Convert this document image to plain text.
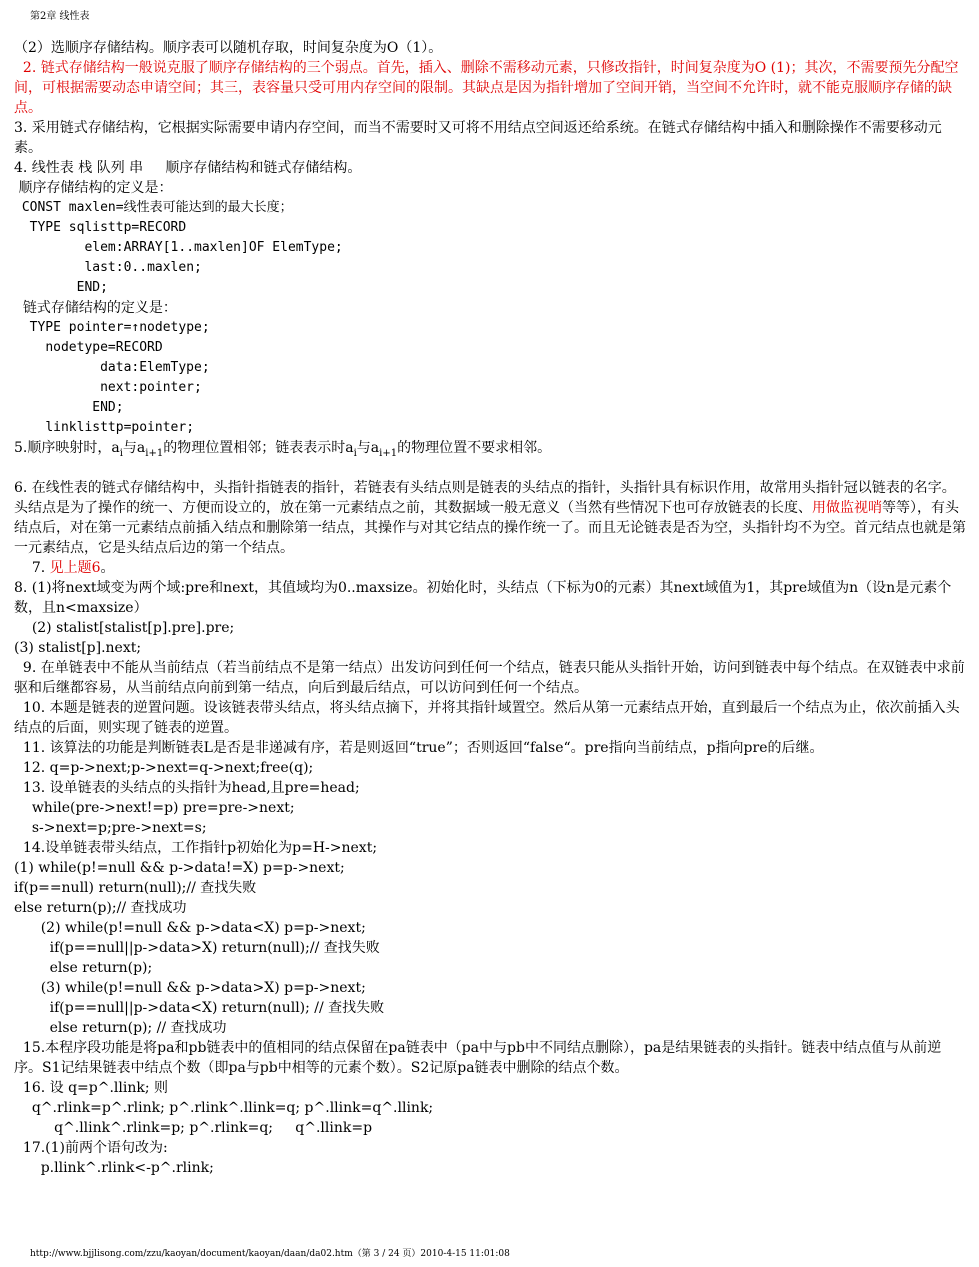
第2章 线性表

（2）选顺序存储结构。顺序表可以随机存取，时间复杂度为O（1）。

2. 链式存储结构一般说克服了顺序存储结构的三个弱点。首先，插入、删除不需移动元素，只修改指针，时间复杂度为O (1)；其次，不需要预先分配空间，可根据需要动态申请空间；其三，表容量只受可用内存空间的限制。其缺点是因为指针增加了空间开销，当空间不允许时，就不能克服顺序存储的缺点。

3. 采用链式存储结构，它根据实际需要申请内存空间，而当不需要时又可将不用结点空间返还给系统。在链式存储结构中插入和删除操作不需要移动元素。

4. 线性表 栈 队列 串     顺序存储结构和链式存储结构。

顺序存储结构的定义是：

CONST maxlen=线性表可能达到的最大长度；

TYPE sqlisttp=RECORD

elem:ARRAY[1..maxlen]OF ElemType;

last:0..maxlen;

END;

链式存储结构的定义是：

TYPE pointer=↑nodetype;

nodetype=RECORD

data:ElemType;

next:pointer;

END;

linklisttp=pointer;

5.顺序映射时，$a_i$与$a_{i+1}$的物理位置相邻；链表表示时$a_i$与$a_{i+1}$的物理位置不要求相邻。

6. 在线性表的链式存储结构中，头指针指链表的指针，若链表有头结点则是链表的头结点的指针，头指针具有标识作用，故常用头指针冠以链表的名字。头结点是为了操作的统一、方便而设立的，放在第一元素结点之前，其数据域一般无意义（当然有些情况下也可存放链表的长度、用做监视哨等等），有头结点后，对在第一元素结点前插入结点和删除第一结点，其操作与对其它结点的操作统一了。而且无论链表是否为空，头指针均不为空。首元结点也就是第一元素结点，它是头结点后边的第一个结点。

7. 见上题6。

8. (1)将next域变为两个域:pre和next，其值域均为0..maxsize。初始化时，头结点（下标为0的元素）其next域值为1，其pre域值为n（设n是元素个数，且n<maxsize）

(2) stalist[stalist[p].pre].pre;

(3) stalist[p].next;

9. 在单链表中不能从当前结点（若当前结点不是第一结点）出发访问到任何一个结点，链表只能从头指针开始，访问到链表中每个结点。在双链表中求前驱和后继都容易，从当前结点向前到第一结点，向后到最后结点，可以访问到任何一个结点。

10. 本题是链表的逆置问题。设该链表带头结点，将头结点摘下，并将其指针域置空。然后从第一元素结点开始，直到最后一个结点为止，依次前插入头结点的后面，则实现了链表的逆置。

11. 该算法的功能是判断链表L是否是非递减有序，若是则返回“true”；否则返回“false“。pre指向当前结点，p指向pre的后继。

12. q=p->next;p->next=q->next;free(q);

13. 设单链表的头结点的头指针为head,且pre=head;

while(pre->next!=p) pre=pre->next;

s->next=p;pre->next=s;

14.设单链表带头结点，工作指针p初始化为p=H->next;

(1) while(p!=null && p->data!=X) p=p->next;

if(p==null) return(null);// 查找失败

else return(p);// 查找成功

(2) while(p!=null && p->data<X) p=p->next;

if(p==null||p->data>X) return(null);// 查找失败

else return(p);

(3) while(p!=null && p->data>X) p=p->next;

if(p==null||p->data<X) return(null); // 查找失败

else return(p); // 查找成功

15.本程序段功能是将pa和pb链表中的值相同的结点保留在pa链表中（pa中与pb中不同结点删除），pa是结果链表的头指针。链表中结点值与从前逆序。S1记结果链表中结点个数（即pa与pb中相等的元素个数）。S2记原pa链表中删除的结点个数。

16. 设 q=p^.llink; 则

q^.rlink=p^.rlink; p^.rlink^.llink=q; p^.llink=q^.llink;

q^.llink^.rlink=p; p^.rlink=q;     q^.llink=p

17.(1)前两个语句改为:

p.llink^.rlink<-p^.rlink;

http://www.bjjlisong.com/zzu/kaoyan/document/kaoyan/daan/da02.htm（第 3 / 24 页）2010-4-15 11:01:08
